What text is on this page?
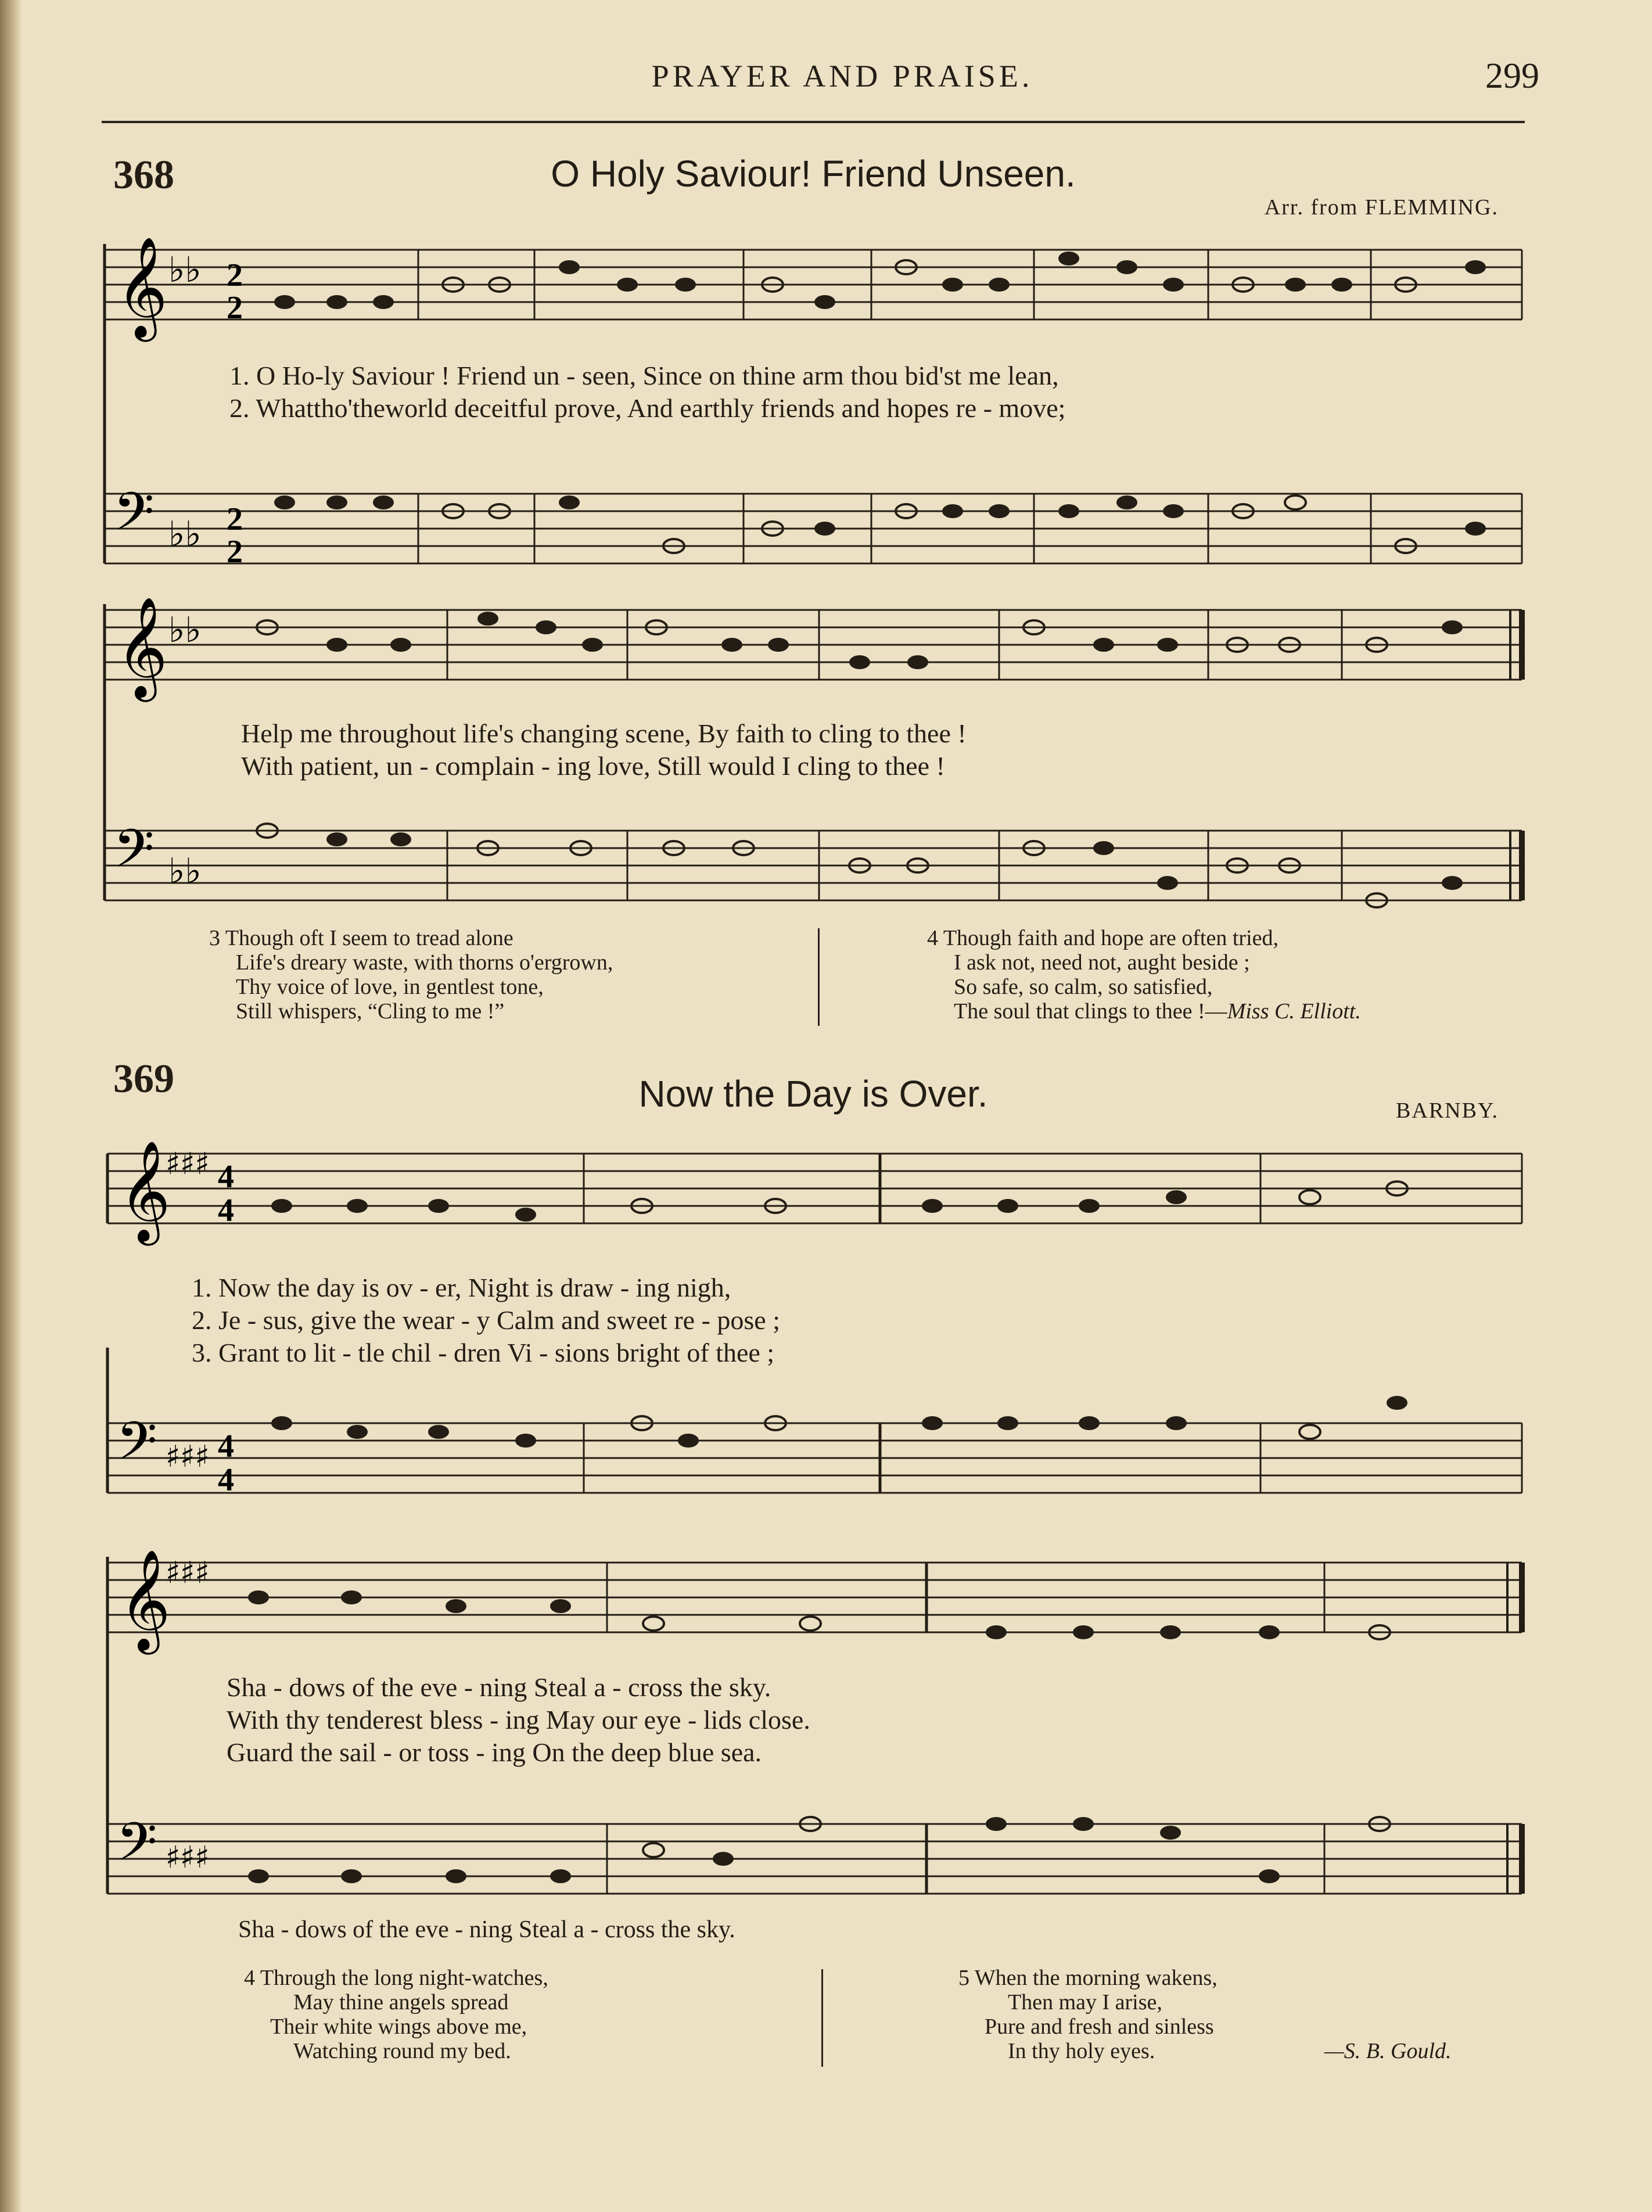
PRAYER AND PRAISE.	299
368	O Holy Saviour! Friend Unseen.
Arr. from FLEMMING.
𝄞 ♭♭ 2
2
1. O Ho-ly Saviour ! Friend un - seen, Since on thine arm thou bid'st me lean,
2. Whattho'theworld deceitful prove, And earthly friends and hopes re - move;
𝄢 ♭♭ 2
2
𝄞 ♭♭
Help me throughout life's changing scene, By faith to cling to thee !
With patient, un - complain - ing love, Still would I cling to thee !
𝄢 ♭♭
3 Though oft I seem to tread alone
Life's dreary waste, with thorns o'ergrown,
Thy voice of love, in gentlest tone,
Still whispers, “Cling to me !”
4 Though faith and hope are often tried,
I ask not, need not, aught beside ;
So safe, so calm, so satisfied,
The soul that clings to thee !—Miss C. Elliott.
369	Now the Day is Over.	BARNBY.
𝄞
♯♯♯ 4
4
1. Now the day is ov - er, Night is draw - ing nigh,
2. Je - sus, give the wear - y Calm and sweet re - pose ;
3. Grant to lit - tle chil - dren Vi - sions bright of thee ;
𝄢 ♯♯♯ 4
4
𝄞
♯♯♯
Sha - dows of the eve - ning Steal a - cross the sky.
With thy tenderest bless - ing May our eye - lids close.
Guard the sail - or toss - ing On the deep blue sea.
𝄢 ♯♯♯
Sha - dows of the eve - ning Steal a - cross the sky.
4 Through the long night-watches,
May thine angels spread
Their white wings above me,
Watching round my bed.
5 When the morning wakens,
Then may I arise,
Pure and fresh and sinless
In thy holy eyes.	—S. B. Gould.
